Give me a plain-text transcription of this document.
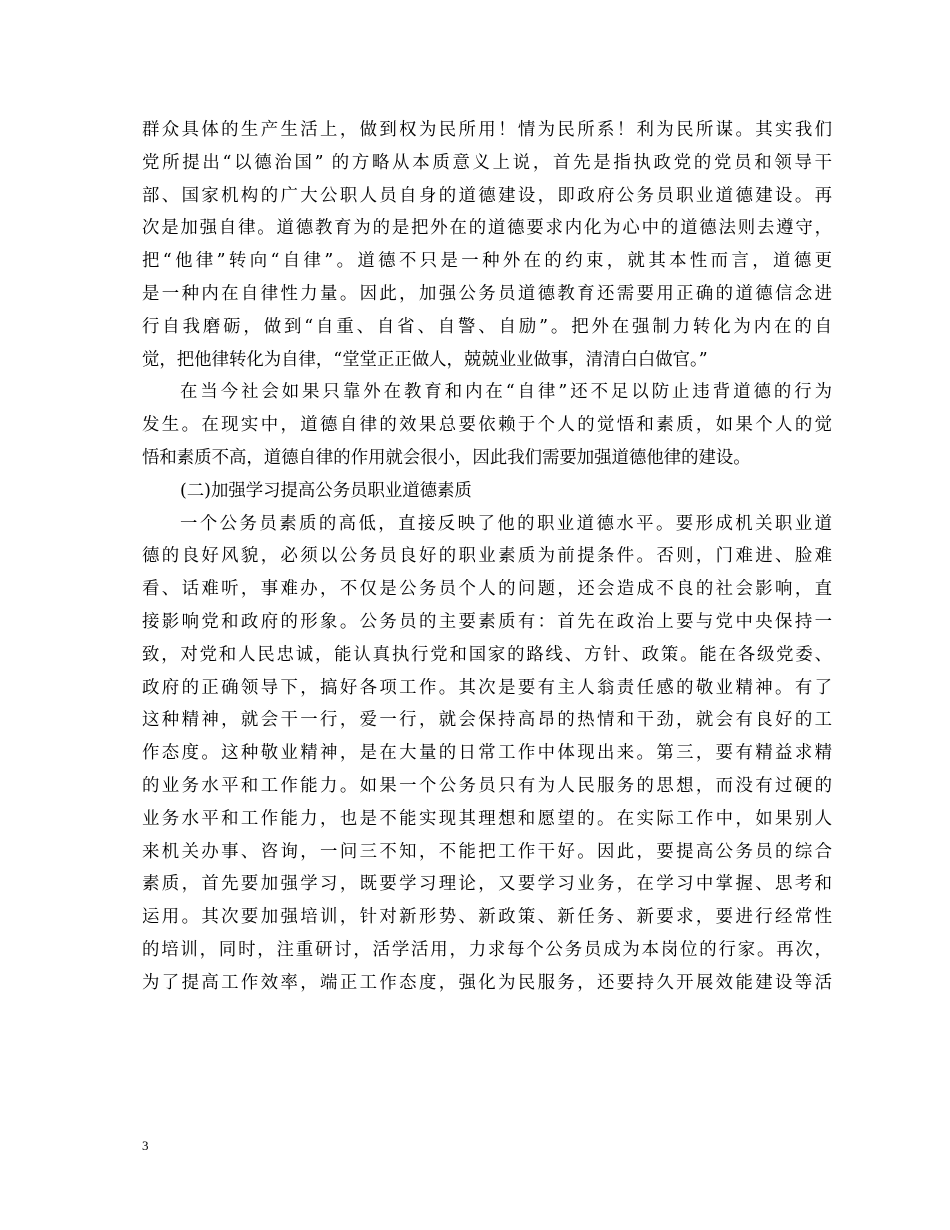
群众具体的生产生活上，做到权为民所用！情为民所系！利为民所谋。其实我们
党所提出“以德治国” 的方略从本质意义上说，首先是指执政党的党员和领导干
部、国家机构的广大公职人员自身的道德建设，即政府公务员职业道德建设。再
次是加强自律。道德教育为的是把外在的道德要求内化为心中的道德法则去遵守，
把“他律”转向“自律”。道德不只是一种外在的约束，就其本性而言，道德更
是一种内在自律性力量。因此，加强公务员道德教育还需要用正确的道德信念进
行自我磨砺，做到“自重、自省、自警、自励”。把外在强制力转化为内在的自
觉，把他律转化为自律，“堂堂正正做人，兢兢业业做事，清清白白做官。”
在当今社会如果只靠外在教育和内在“自律”还不足以防止违背道德的行为
发生。在现实中，道德自律的效果总要依赖于个人的觉悟和素质，如果个人的觉
悟和素质不高，道德自律的作用就会很小，因此我们需要加强道德他律的建设。
(二)加强学习提高公务员职业道德素质
一个公务员素质的高低，直接反映了他的职业道德水平。要形成机关职业道
德的良好风貌，必须以公务员良好的职业素质为前提条件。否则，门难进、脸难
看、话难听，事难办，不仅是公务员个人的问题，还会造成不良的社会影响，直
接影响党和政府的形象。公务员的主要素质有：首先在政治上要与党中央保持一
致，对党和人民忠诚，能认真执行党和国家的路线、方针、政策。能在各级党委、
政府的正确领导下，搞好各项工作。其次是要有主人翁责任感的敬业精神。有了
这种精神，就会干一行，爱一行，就会保持高昂的热情和干劲，就会有良好的工
作态度。这种敬业精神，是在大量的日常工作中体现出来。第三，要有精益求精
的业务水平和工作能力。如果一个公务员只有为人民服务的思想，而没有过硬的
业务水平和工作能力，也是不能实现其理想和愿望的。在实际工作中，如果别人
来机关办事、咨询，一问三不知，不能把工作干好。因此，要提高公务员的综合
素质，首先要加强学习，既要学习理论，又要学习业务，在学习中掌握、思考和
运用。其次要加强培训，针对新形势、新政策、新任务、新要求，要进行经常性
的培训，同时，注重研讨，活学活用，力求每个公务员成为本岗位的行家。再次，
为了提高工作效率，端正工作态度，强化为民服务，还要持久开展效能建设等活
3
